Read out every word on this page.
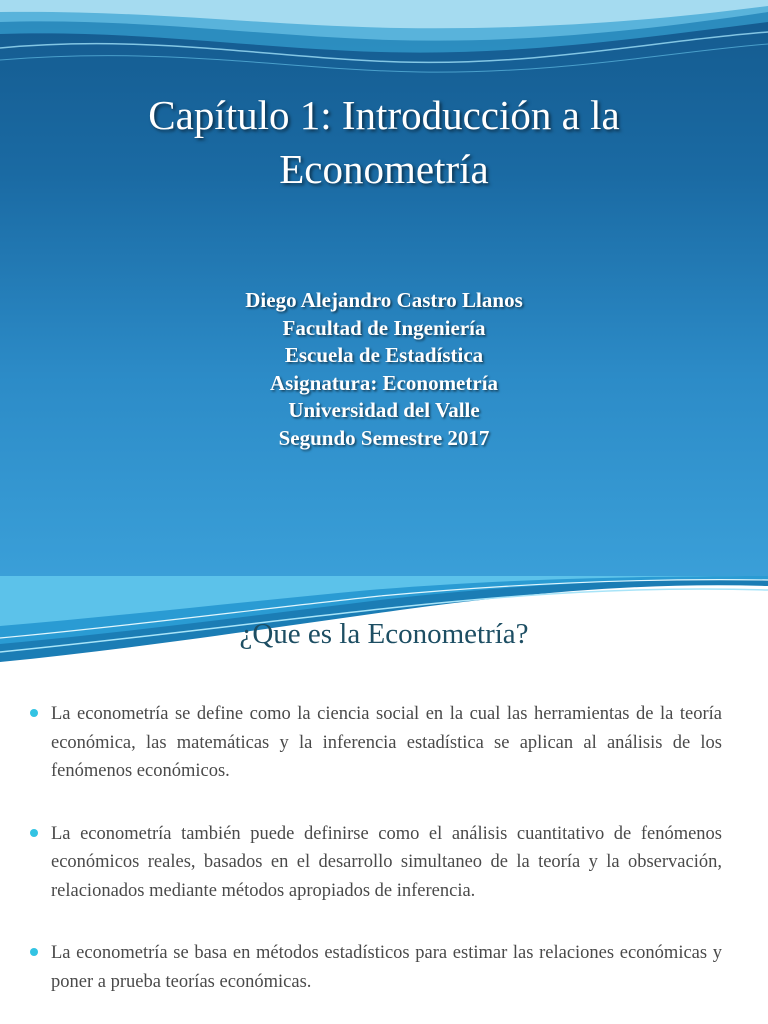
Capítulo 1: Introducción a la
Econometría
Diego Alejandro Castro Llanos
Facultad de Ingeniería
Escuela de Estadística
Asignatura: Econometría
Universidad del Valle
Segundo Semestre 2017
¿Que es la Econometría?
La econometría se define como la ciencia social en la cual las herramientas de la teoría económica, las matemáticas y la inferencia estadística se aplican al análisis de los fenómenos económicos.
La econometría también puede definirse como el análisis cuantitativo de fenómenos económicos reales, basados en el desarrollo simultaneo de la teoría y la observación, relacionados mediante métodos apropiados de inferencia.
La econometría se basa en métodos estadísticos para estimar las relaciones económicas y poner a prueba teorías económicas.
